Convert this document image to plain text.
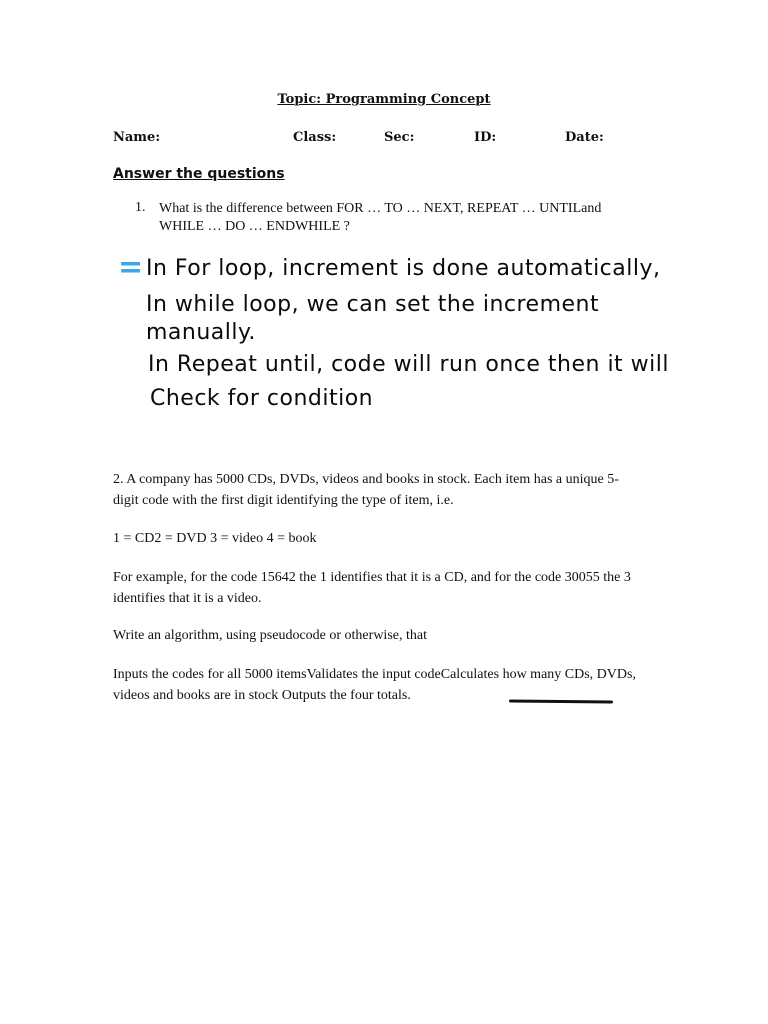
Topic: Programming Concept
Name:	Class:	Sec:	ID:	Date:
Answer the questions
1. What is the difference between FOR … TO … NEXT, REPEAT … UNTILand WHILE … DO … ENDWHILE ?
= In For loop, increment is done automatically,
In while loop, we can set the increment
manually.
In Repeat until, code will run once then it will
Check for condition
2. A company has 5000 CDs, DVDs, videos and books in stock. Each item has a unique 5-digit code with the first digit identifying the type of item, i.e.
1 = CD2 = DVD 3 = video 4 = book
For example, for the code 15642 the 1 identifies that it is a CD, and for the code 30055 the 3 identifies that it is a video.
Write an algorithm, using pseudocode or otherwise, that
Inputs the codes for all 5000 itemsValidates the input codeCalculates how many CDs, DVDs, videos and books are in stock Outputs the four totals.
